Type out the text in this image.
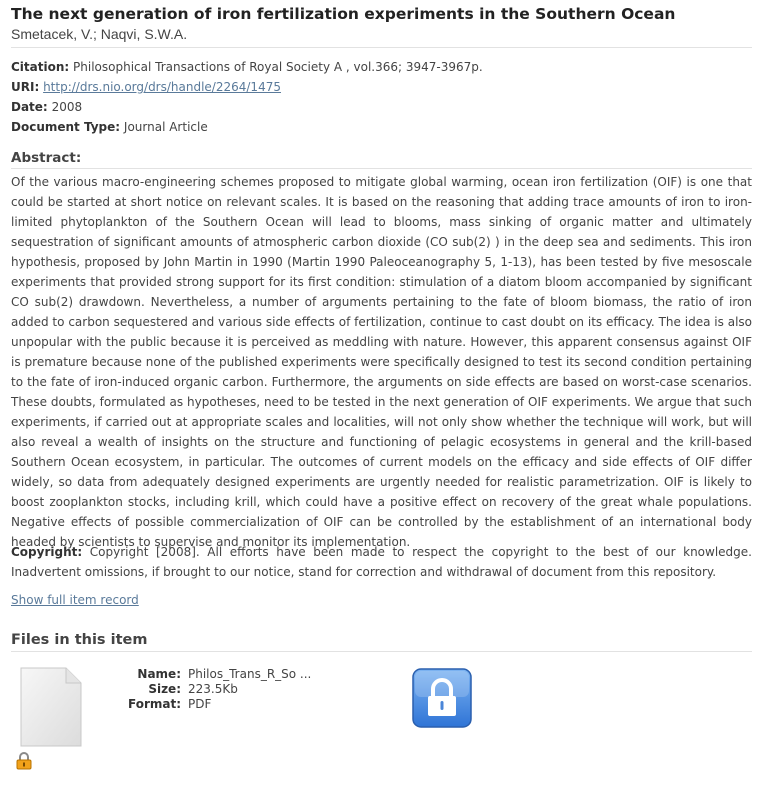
The next generation of iron fertilization experiments in the Southern Ocean
Smetacek, V.; Naqvi, S.W.A.
Citation: Philosophical Transactions of Royal Society A , vol.366; 3947-3967p.
URI: http://drs.nio.org/drs/handle/2264/1475
Date: 2008
Document Type: Journal Article
Abstract:

Of the various macro-engineering schemes proposed to mitigate global warming, ocean iron fertilization (OIF) is one that could be started at short notice on relevant scales. It is based on the reasoning that adding trace amounts of iron to iron-limited phytoplankton of the Southern Ocean will lead to blooms, mass sinking of organic matter and ultimately sequestration of significant amounts of atmospheric carbon dioxide (CO sub(2) ) in the deep sea and sediments. This iron hypothesis, proposed by John Martin in 1990 (Martin 1990 Paleoceanography 5, 1-13), has been tested by five mesoscale experiments that provided strong support for its first condition: stimulation of a diatom bloom accompanied by significant CO sub(2) drawdown. Nevertheless, a number of arguments pertaining to the fate of bloom biomass, the ratio of iron added to carbon sequestered and various side effects of fertilization, continue to cast doubt on its efficacy. The idea is also unpopular with the public because it is perceived as meddling with nature. However, this apparent consensus against OIF is premature because none of the published experiments were specifically designed to test its second condition pertaining to the fate of iron-induced organic carbon. Furthermore, the arguments on side effects are based on worst-case scenarios. These doubts, formulated as hypotheses, need to be tested in the next generation of OIF experiments. We argue that such experiments, if carried out at appropriate scales and localities, will not only show whether the technique will work, but will also reveal a wealth of insights on the structure and functioning of pelagic ecosystems in general and the krill-based Southern Ocean ecosystem, in particular. The outcomes of current models on the efficacy and side effects of OIF differ widely, so data from adequately designed experiments are urgently needed for realistic parametrization. OIF is likely to boost zooplankton stocks, including krill, which could have a positive effect on recovery of the great whale populations. Negative effects of possible commercialization of OIF can be controlled by the establishment of an international body headed by scientists to supervise and monitor its implementation.

Copyright: Copyright [2008]. All efforts have been made to respect the copyright to the best of our knowledge. Inadvertent omissions, if brought to our notice, stand for correction and withdrawal of document from this repository.

Show full item record
Files in this item
Name:
Size:
Format:
Philos_Trans_R_So ...
223.5Kb
PDF
